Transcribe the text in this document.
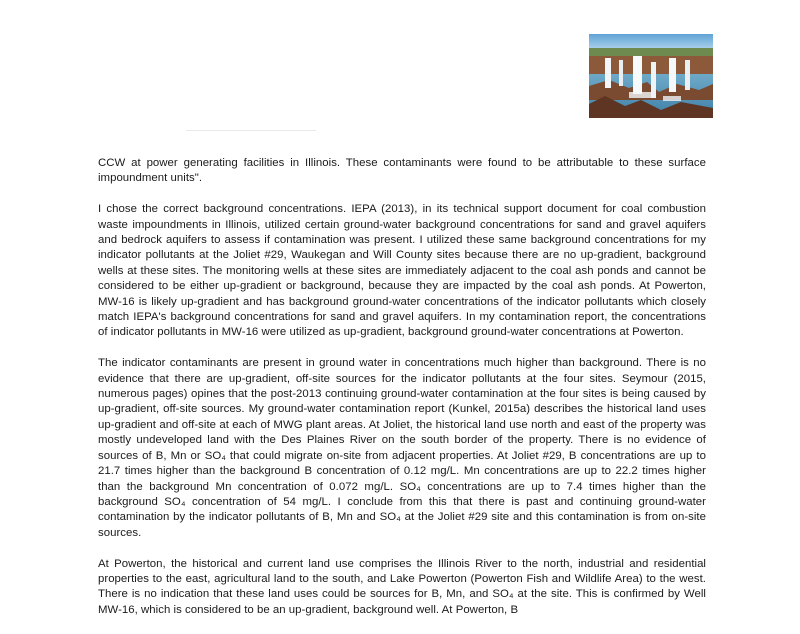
CCW at power generating facilities in Illinois. These contaminants were found to be attributable to these surface impoundment units".

I chose the correct background concentrations. IEPA (2013), in its technical support document for coal combustion waste impoundments in Illinois, utilized certain ground-water background concentrations for sand and gravel aquifers and bedrock aquifers to assess if contamination was present. I utilized these same background concentrations for my indicator pollutants at the Joliet #29, Waukegan and Will County sites because there are no up-gradient, background wells at these sites. The monitoring wells at these sites are immediately adjacent to the coal ash ponds and cannot be considered to be either up-gradient or background, because they are impacted by the coal ash ponds. At Powerton, MW-16 is likely up-gradient and has background ground-water concentrations of the indicator pollutants which closely match IEPA's background concentrations for sand and gravel aquifers. In my contamination report, the concentrations of indicator pollutants in MW-16 were utilized as up-gradient, background ground-water concentrations at Powerton.

The indicator contaminants are present in ground water in concentrations much higher than background. There is no evidence that there are up-gradient, off-site sources for the indicator pollutants at the four sites. Seymour (2015, numerous pages) opines that the post-2013 continuing ground-water contamination at the four sites is being caused by up-gradient, off-site sources. My ground-water contamination report (Kunkel, 2015a) describes the historical land uses up-gradient and off-site at each of MWG plant areas. At Joliet, the historical land use north and east of the property was mostly undeveloped land with the Des Plaines River on the south border of the property. There is no evidence of sources of B, Mn or SO₄ that could migrate on-site from adjacent properties. At Joliet #29, B concentrations are up to 21.7 times higher than the background B concentration of 0.12 mg/L. Mn concentrations are up to 22.2 times higher than the background Mn concentration of 0.072 mg/L. SO₄ concentrations are up to 7.4 times higher than the background SO₄ concentration of 54 mg/L. I conclude from this that there is past and continuing ground-water contamination by the indicator pollutants of B, Mn and SO₄ at the Joliet #29 site and this contamination is from on-site sources.

At Powerton, the historical and current land use comprises the Illinois River to the north, industrial and residential properties to the east, agricultural land to the south, and Lake Powerton (Powerton Fish and Wildlife Area) to the west. There is no indication that these land uses could be sources for B, Mn, and SO₄ at the site. This is confirmed by Well MW-16, which is considered to be an up-gradient, background well. At Powerton, B
